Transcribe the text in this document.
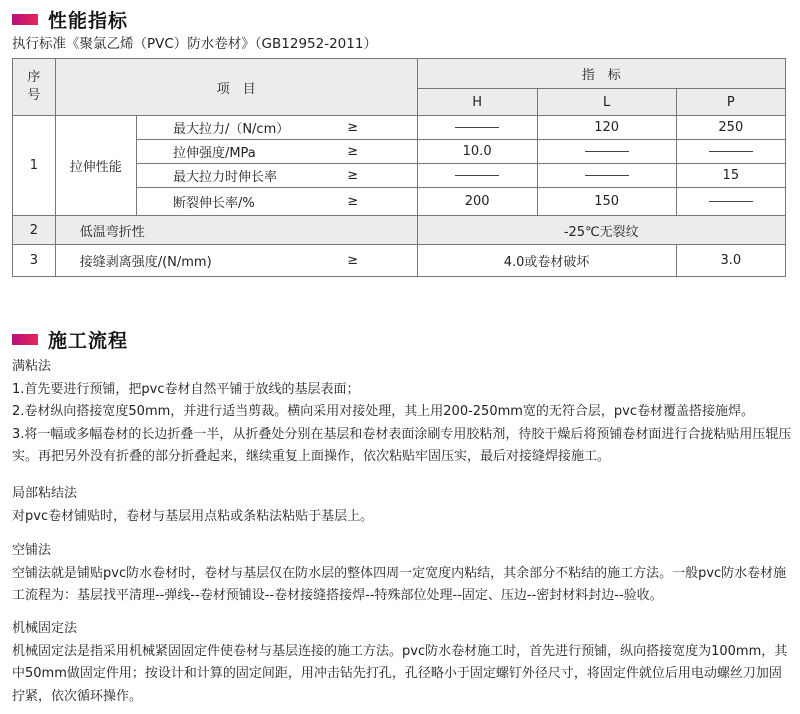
性能指标
执行标准《聚氯乙烯（PVC）防水卷材》（GB12952-2011）
序号	项　目			指　标		
				H	L	P
1	拉伸性能	最大拉力/（N/cm）	≥		120	250
		拉伸强度/MPa	≥	10.0		
		最大拉力时伸长率	≥			15
		断裂伸长率/%	≥	200	150	
2	低温弯折性			-25℃无裂纹		
3	接缝剥离强度/(N/mm)		≥	4.0或卷材破坏		3.0
施工流程

满粘法

1.首先要进行预铺，把pvc卷材自然平铺于放线的基层表面；

2.卷材纵向搭接宽度50mm，并进行适当剪裁。横向采用对接处理，其上用200-250mm宽的无符合层，pvc卷材覆盖搭接施焊。

3.将一幅或多幅卷材的长边折叠一半，从折叠处分别在基层和卷材表面涂刷专用胶粘剂，待胶干燥后将预铺卷材面进行合拢粘贴用压辊压实。再把另外没有折叠的部分折叠起来，继续重复上面操作，依次粘贴牢固压实，最后对接缝焊接施工。

局部粘结法

对pvc卷材铺贴时，卷材与基层用点粘或条粘法粘贴于基层上。

空铺法

空铺法就是铺贴pvc防水卷材时，卷材与基层仅在防水层的整体四周一定宽度内粘结，其余部分不粘结的施工方法。一般pvc防水卷材施工流程为：基层找平清理--弹线--卷材预铺设--卷材接缝搭接焊--特殊部位处理--固定、压边--密封材料封边--验收。

机械固定法

机械固定法是指采用机械紧固固定件使卷材与基层连接的施工方法。pvc防水卷材施工时，首先进行预铺，纵向搭接宽度为100mm，其中50mm做固定件用；按设计和计算的固定间距，用冲击钻先打孔，孔径略小于固定螺钉外径尺寸，将固定件就位后用电动螺丝刀加固拧紧，依次循环操作。
